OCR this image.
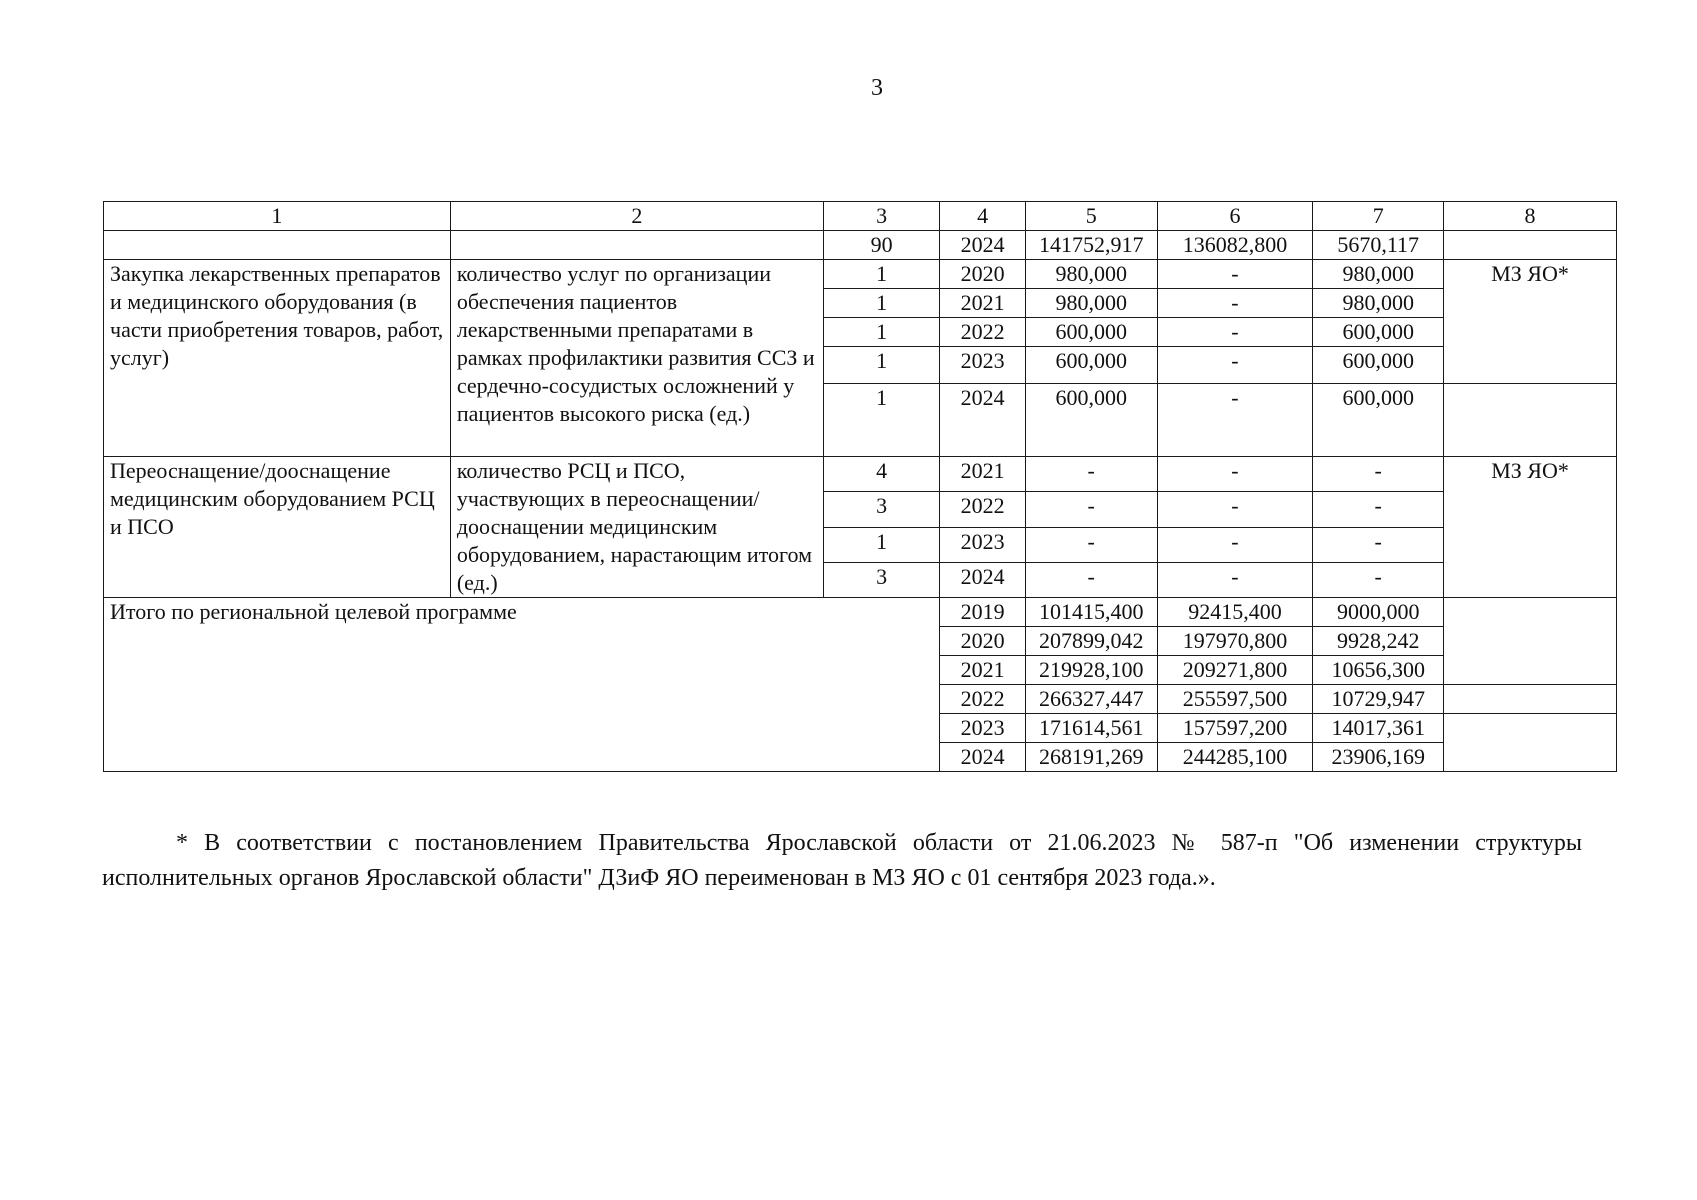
3
1	2	3	4	5	6	7	8
		90	2024	141752,917	136082,800	5670,117	
Закупка лекарственных препаратов и медицинского оборудования (в части приобретения товаров, работ, услуг)	количество услуг по организации обеспечения пациентов лекарственными препаратами в рамках профилактики развития ССЗ и сердечно-сосудистых осложнений у пациентов высокого риска (ед.)	1	2020	980,000	-	980,000	МЗ ЯО*
		1	2021	980,000	-	980,000	
		1	2022	600,000	-	600,000	
		1	2023	600,000	-	600,000	
		1	2024	600,000	-	600,000	
Переоснащение/дооснащение медицинским оборудованием РСЦ и ПСО	количество РСЦ и ПСО, участвующих в переоснащении/дооснащении медицинским оборудованием, нарастающим итогом (ед.)	4	2021	-	-	-	МЗ ЯО*
		3	2022	-	-	-	
		1	2023	-	-	-	
		3	2024	-	-	-	
Итого по региональной целевой программе			2019	101415,400	92415,400	9000,000	
			2020	207899,042	197970,800	9928,242	
			2021	219928,100	209271,800	10656,300	
			2022	266327,447	255597,500	10729,947	
			2023	171614,561	157597,200	14017,361	
			2024	268191,269	244285,100	23906,169	

* В соответствии с постановлением Правительства Ярославской области от 21.06.2023 № 587-п "Об изменении структуры исполнительных органов Ярославской области" ДЗиФ ЯО переименован в МЗ ЯО с 01 сентября 2023 года.».
